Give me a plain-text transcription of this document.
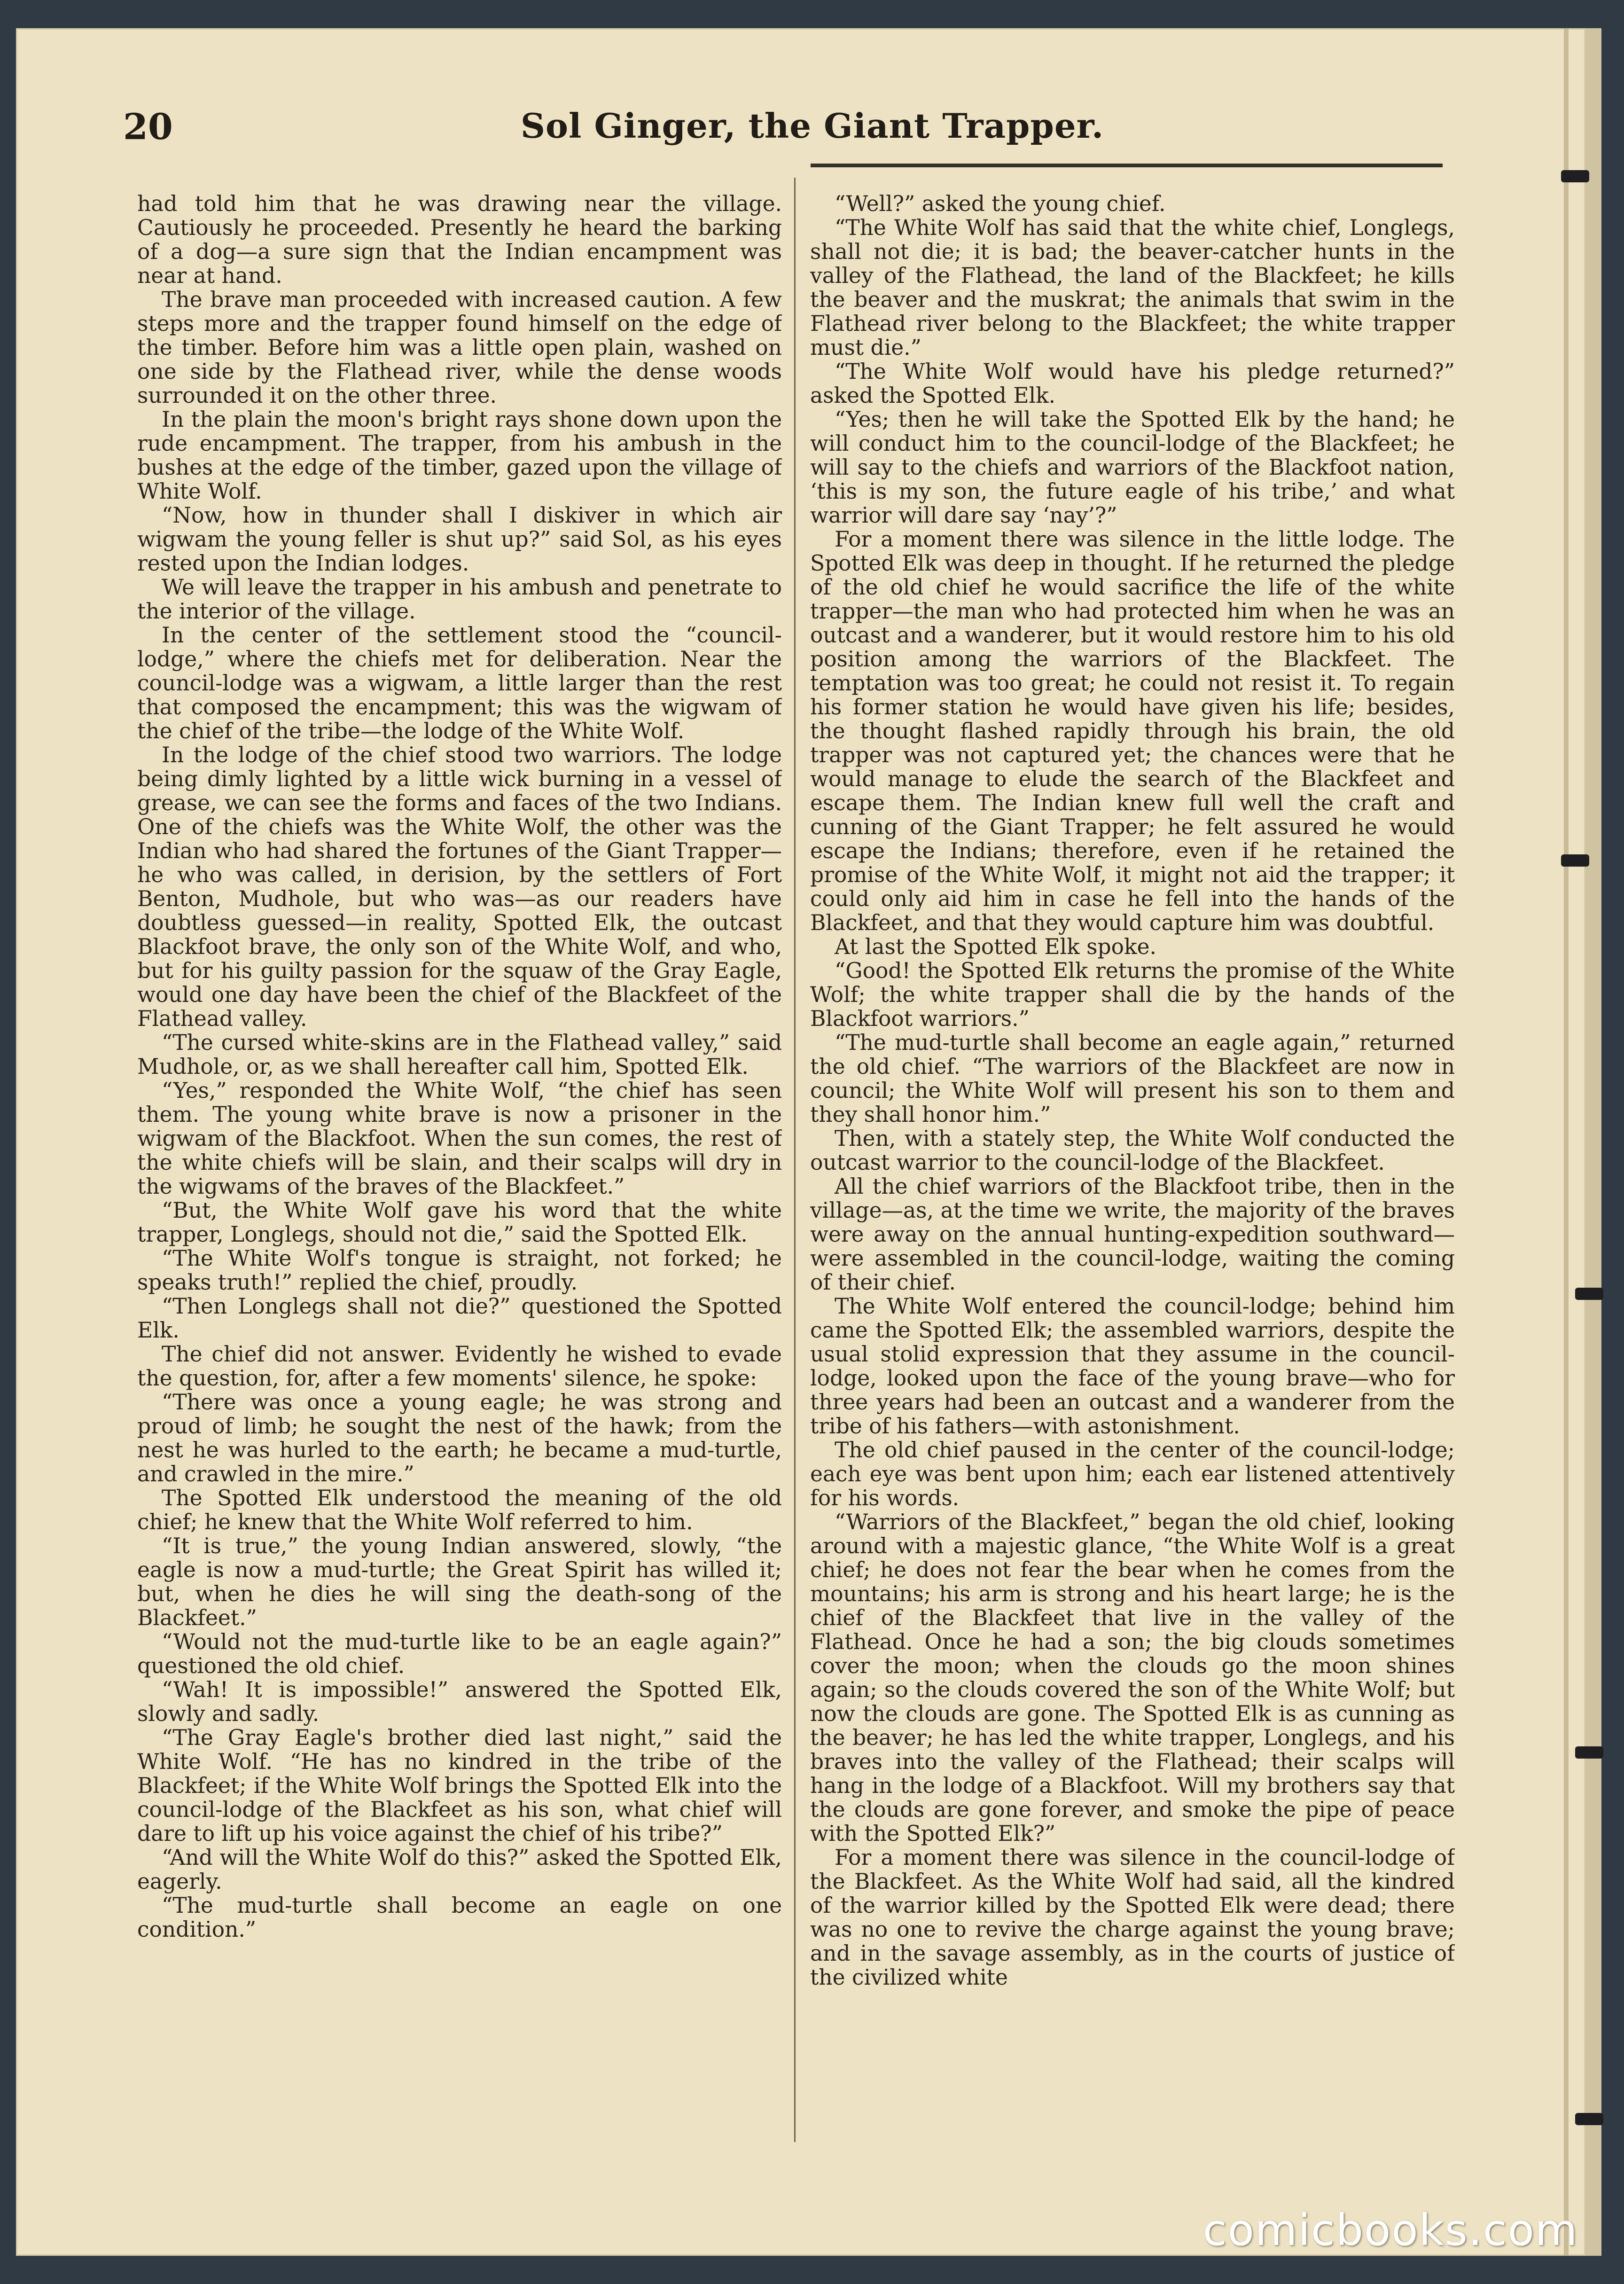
20	Sol Ginger, the Giant Trapper.

had told him that he was drawing near the village. Cautiously he proceeded. Presently he heard the barking of a dog—a sure sign that the Indian encampment was near at hand.

The brave man proceeded with increased caution. A few steps more and the trapper found himself on the edge of the timber. Before him was a little open plain, washed on one side by the Flathead river, while the dense woods surrounded it on the other three.

In the plain the moon's bright rays shone down upon the rude encampment. The trapper, from his ambush in the bushes at the edge of the timber, gazed upon the village of White Wolf.

“Now, how in thunder shall I diskiver in which air wigwam the young feller is shut up?” said Sol, as his eyes rested upon the Indian lodges.

We will leave the trapper in his ambush and penetrate to the interior of the village.

In the center of the settlement stood the “council-lodge,” where the chiefs met for deliberation. Near the council-lodge was a wigwam, a little larger than the rest that composed the encampment; this was the wigwam of the chief of the tribe—the lodge of the White Wolf.

In the lodge of the chief stood two warriors. The lodge being dimly lighted by a little wick burning in a vessel of grease, we can see the forms and faces of the two Indians. One of the chiefs was the White Wolf, the other was the Indian who had shared the fortunes of the Giant Trapper—he who was called, in derision, by the settlers of Fort Benton, Mudhole, but who was—as our readers have doubtless guessed—in reality, Spotted Elk, the outcast Blackfoot brave, the only son of the White Wolf, and who, but for his guilty passion for the squaw of the Gray Eagle, would one day have been the chief of the Blackfeet of the Flathead valley.

“The cursed white-skins are in the Flathead valley,” said Mudhole, or, as we shall hereafter call him, Spotted Elk.

“Yes,” responded the White Wolf, “the chief has seen them. The young white brave is now a prisoner in the wigwam of the Blackfoot. When the sun comes, the rest of the white chiefs will be slain, and their scalps will dry in the wigwams of the braves of the Blackfeet.”

“But, the White Wolf gave his word that the white trapper, Longlegs, should not die,” said the Spotted Elk.

“The White Wolf's tongue is straight, not forked; he speaks truth!” replied the chief, proudly.

“Then Longlegs shall not die?” questioned the Spotted Elk.

The chief did not answer. Evidently he wished to evade the question, for, after a few moments' silence, he spoke:

“There was once a young eagle; he was strong and proud of limb; he sought the nest of the hawk; from the nest he was hurled to the earth; he became a mud-turtle, and crawled in the mire.”

The Spotted Elk understood the meaning of the old chief; he knew that the White Wolf referred to him.

“It is true,” the young Indian answered, slowly, “the eagle is now a mud-turtle; the Great Spirit has willed it; but, when he dies he will sing the death-song of the Blackfeet.”

“Would not the mud-turtle like to be an eagle again?” questioned the old chief.

“Wah! It is impossible!” answered the Spotted Elk, slowly and sadly.

“The Gray Eagle's brother died last night,” said the White Wolf. “He has no kindred in the tribe of the Blackfeet; if the White Wolf brings the Spotted Elk into the council-lodge of the Blackfeet as his son, what chief will dare to lift up his voice against the chief of his tribe?”

“And will the White Wolf do this?” asked the Spotted Elk, eagerly.

“The mud-turtle shall become an eagle on one condition.”

“Well?” asked the young chief.

“The White Wolf has said that the white chief, Longlegs, shall not die; it is bad; the beaver-catcher hunts in the valley of the Flathead, the land of the Blackfeet; he kills the beaver and the muskrat; the animals that swim in the Flathead river belong to the Blackfeet; the white trapper must die.”

“The White Wolf would have his pledge returned?” asked the Spotted Elk.

“Yes; then he will take the Spotted Elk by the hand; he will conduct him to the council-lodge of the Blackfeet; he will say to the chiefs and warriors of the Blackfoot nation, ‘this is my son, the future eagle of his tribe,’ and what warrior will dare say ‘nay’?”

For a moment there was silence in the little lodge. The Spotted Elk was deep in thought. If he returned the pledge of the old chief he would sacrifice the life of the white trapper—the man who had protected him when he was an outcast and a wanderer, but it would restore him to his old position among the warriors of the Blackfeet. The temptation was too great; he could not resist it. To regain his former station he would have given his life; besides, the thought flashed rapidly through his brain, the old trapper was not captured yet; the chances were that he would manage to elude the search of the Blackfeet and escape them. The Indian knew full well the craft and cunning of the Giant Trapper; he felt assured he would escape the Indians; therefore, even if he retained the promise of the White Wolf, it might not aid the trapper; it could only aid him in case he fell into the hands of the Blackfeet, and that they would capture him was doubtful.

At last the Spotted Elk spoke.

“Good! the Spotted Elk returns the promise of the White Wolf; the white trapper shall die by the hands of the Blackfoot warriors.”

“The mud-turtle shall become an eagle again,” returned the old chief. “The warriors of the Blackfeet are now in council; the White Wolf will present his son to them and they shall honor him.”

Then, with a stately step, the White Wolf conducted the outcast warrior to the council-lodge of the Blackfeet.

All the chief warriors of the Blackfoot tribe, then in the village—as, at the time we write, the majority of the braves were away on the annual hunting-expedition southward—were assembled in the council-lodge, waiting the coming of their chief.

The White Wolf entered the council-lodge; behind him came the Spotted Elk; the assembled warriors, despite the usual stolid expression that they assume in the council-lodge, looked upon the face of the young brave—who for three years had been an outcast and a wanderer from the tribe of his fathers—with astonishment.

The old chief paused in the center of the council-lodge; each eye was bent upon him; each ear listened attentively for his words.

“Warriors of the Blackfeet,” began the old chief, looking around with a majestic glance, “the White Wolf is a great chief; he does not fear the bear when he comes from the mountains; his arm is strong and his heart large; he is the chief of the Blackfeet that live in the valley of the Flathead. Once he had a son; the big clouds sometimes cover the moon; when the clouds go the moon shines again; so the clouds covered the son of the White Wolf; but now the clouds are gone. The Spotted Elk is as cunning as the beaver; he has led the white trapper, Longlegs, and his braves into the valley of the Flathead; their scalps will hang in the lodge of a Blackfoot. Will my brothers say that the clouds are gone forever, and smoke the pipe of peace with the Spotted Elk?”

For a moment there was silence in the council-lodge of the Blackfeet. As the White Wolf had said, all the kindred of the warrior killed by the Spotted Elk were dead; there was no one to revive the charge against the young brave; and in the savage assembly, as in the courts of justice of the civilized white

comicbooks.com
